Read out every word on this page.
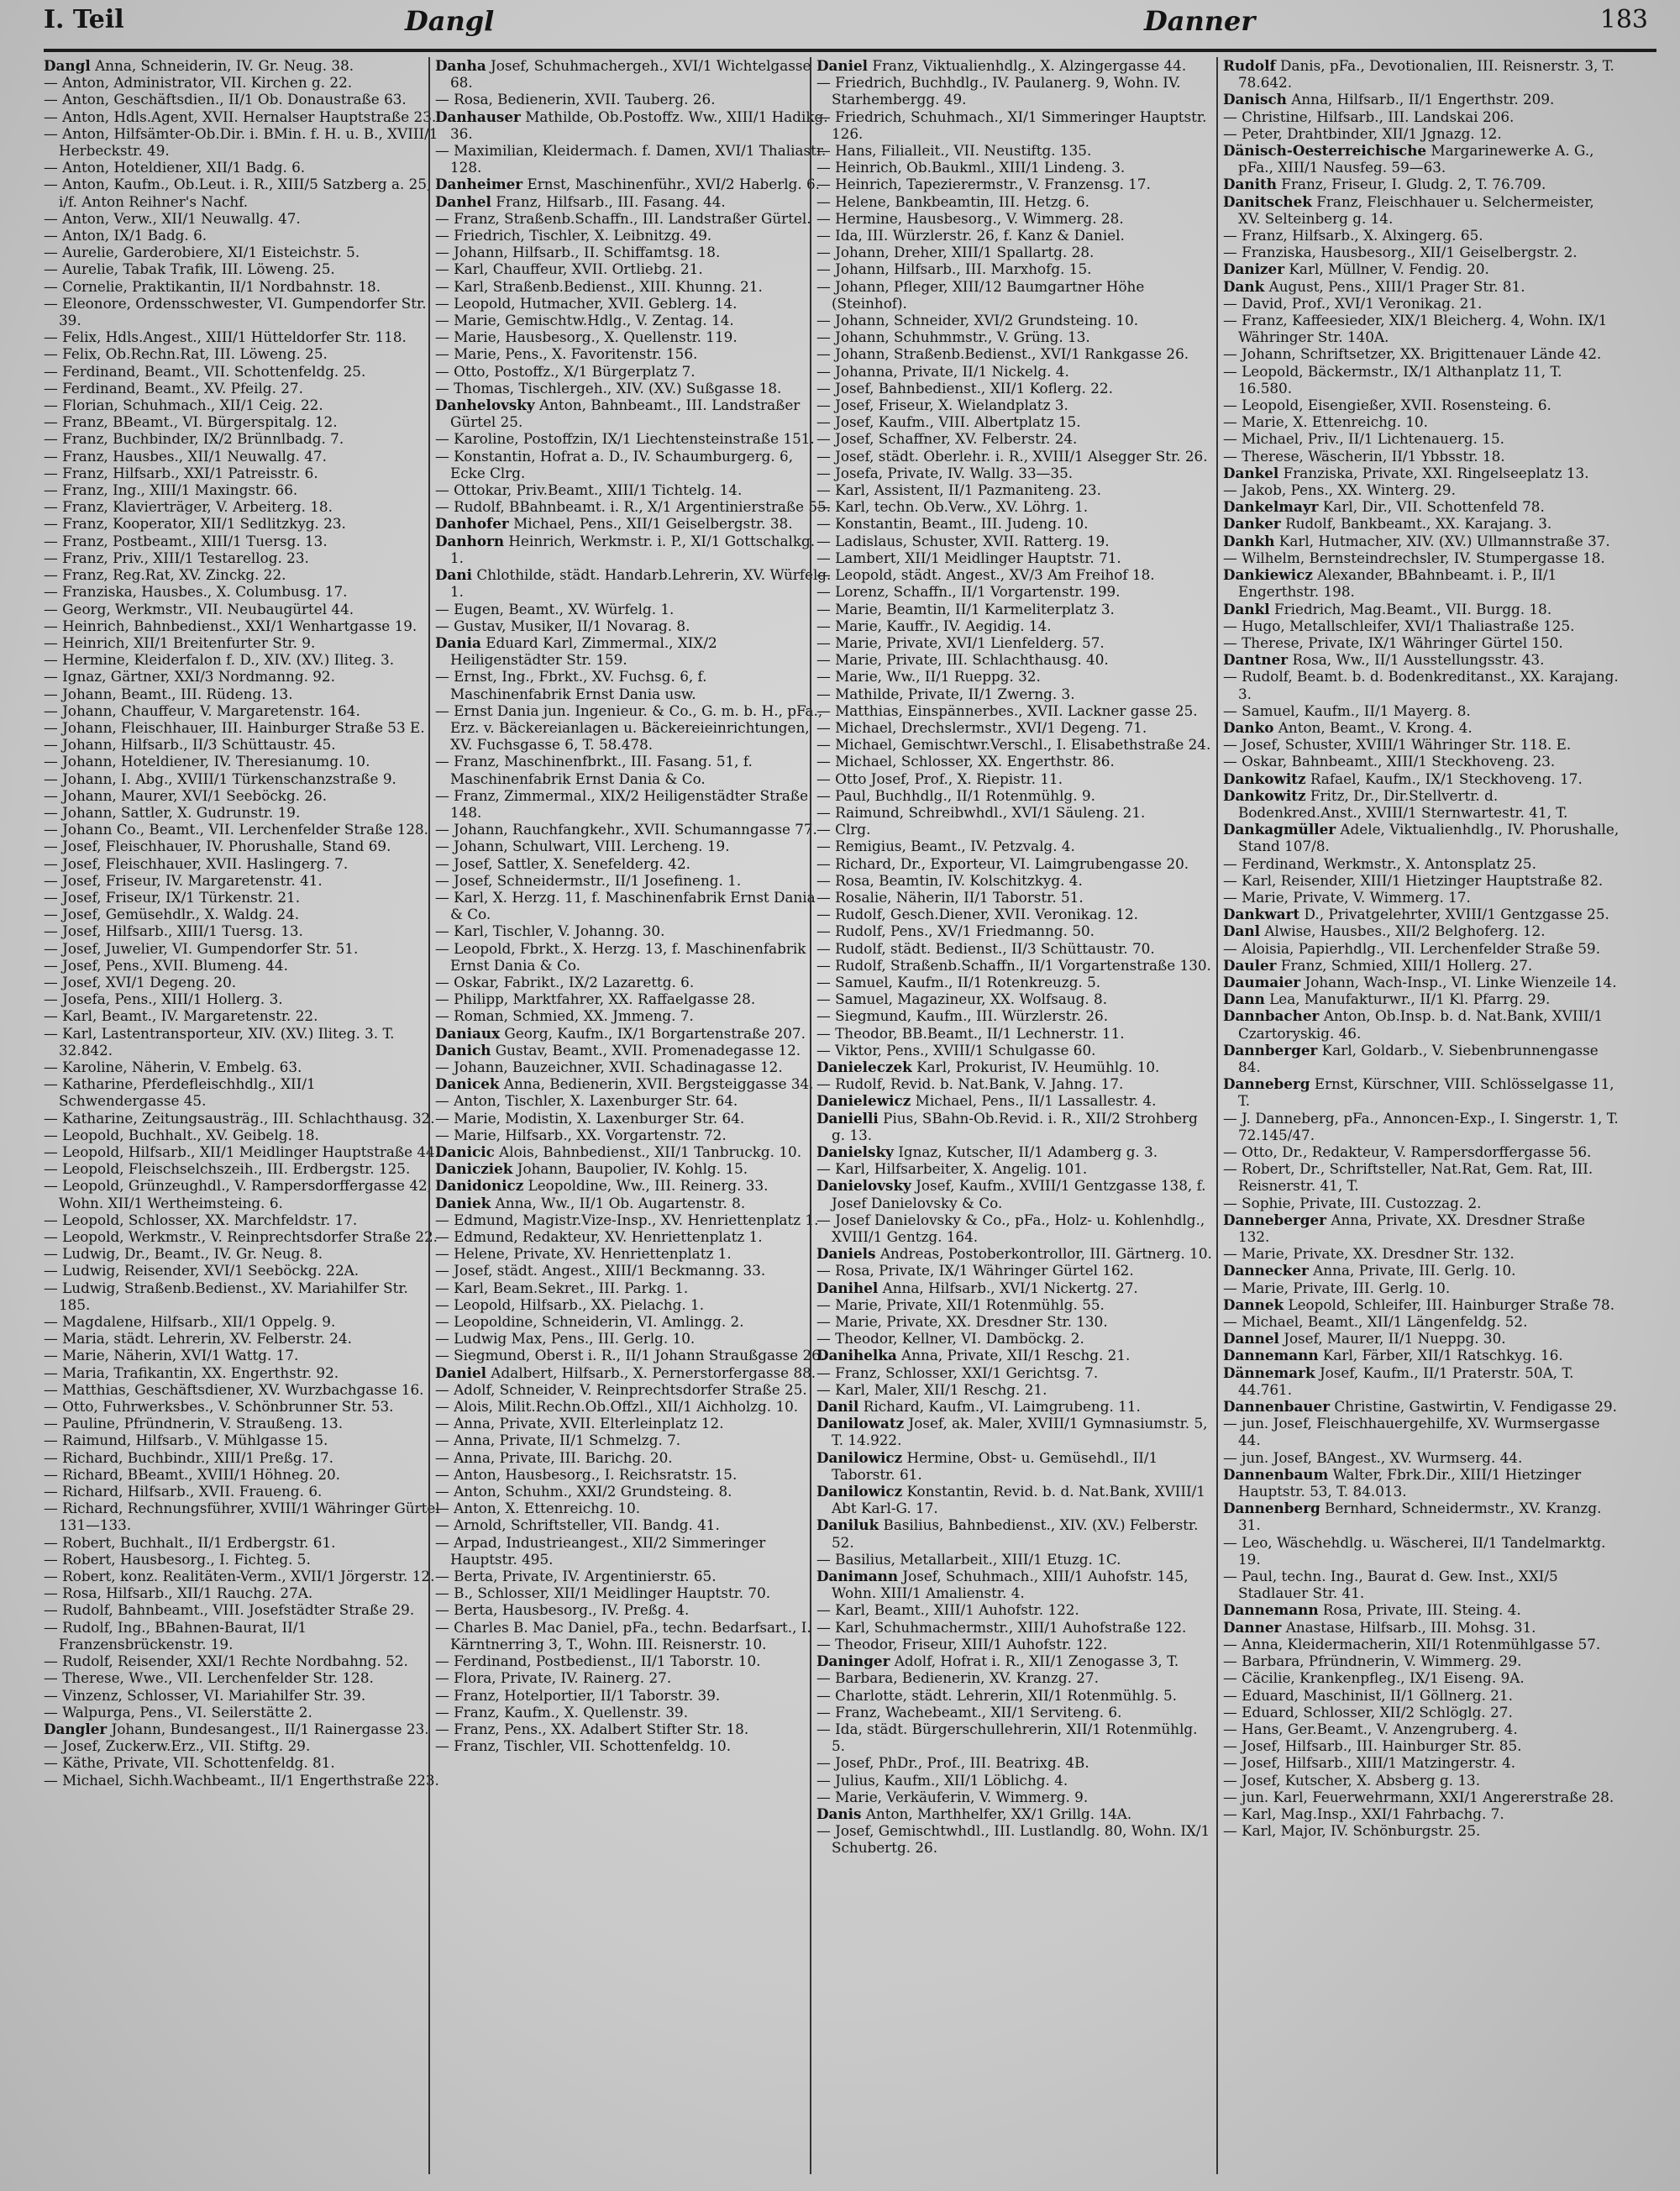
I. Teil	Dangl	Danner	183

Dangl Anna, Schneiderin, IV. Gr. Neug. 38.

— Anton, Administrator, VII. Kirchen g. 22.

— Anton, Geschäftsdien., II/1 Ob. Donaustraße 63.

— Anton, Hdls.Agent, XVII. Hernalser Hauptstraße 23.

— Anton, Hilfsämter-Ob.Dir. i. BMin. f. H. u. B., XVIII/1 Herbeckstr. 49.

— Anton, Hoteldiener, XII/1 Badg. 6.

— Anton, Kaufm., Ob.Leut. i. R., XIII/5 Satzberg a. 25, i/f. Anton Reihner's Nachf.

— Anton, Verw., XII/1 Neuwallg. 47.

— Anton, IX/1 Badg. 6.

— Aurelie, Garderobiere, XI/1 Eisteichstr. 5.

— Aurelie, Tabak Trafik, III. Löweng. 25.

— Cornelie, Praktikantin, II/1 Nordbahnstr. 18.

— Eleonore, Ordensschwester, VI. Gumpendorfer Str. 39.

— Felix, Hdls.Angest., XIII/1 Hütteldorfer Str. 118.

— Felix, Ob.Rechn.Rat, III. Löweng. 25.

— Ferdinand, Beamt., VII. Schottenfeldg. 25.

— Ferdinand, Beamt., XV. Pfeilg. 27.

— Florian, Schuhmach., XII/1 Ceig. 22.

— Franz, BBeamt., VI. Bürgerspitalg. 12.

— Franz, Buchbinder, IX/2 Brünnlbadg. 7.

— Franz, Hausbes., XII/1 Neuwallg. 47.

— Franz, Hilfsarb., XXI/1 Patreisstr. 6.

— Franz, Ing., XIII/1 Maxingstr. 66.

— Franz, Klavierträger, V. Arbeiterg. 18.

— Franz, Kooperator, XII/1 Sedlitzkyg. 23.

— Franz, Postbeamt., XIII/1 Tuersg. 13.

— Franz, Priv., XIII/1 Testarellog. 23.

— Franz, Reg.Rat, XV. Zinckg. 22.

— Franziska, Hausbes., X. Columbusg. 17.

— Georg, Werkmstr., VII. Neubaugürtel 44.

— Heinrich, Bahnbedienst., XXI/1 Wenhartgasse 19.

— Heinrich, XII/1 Breitenfurter Str. 9.

— Hermine, Kleiderfalon f. D., XIV. (XV.) Iliteg. 3.

— Ignaz, Gärtner, XXI/3 Nordmanng. 92.

— Johann, Beamt., III. Rüdeng. 13.

— Johann, Chauffeur, V. Margaretenstr. 164.

— Johann, Fleischhauer, III. Hainburger Straße 53 E.

— Johann, Hilfsarb., II/3 Schüttaustr. 45.

— Johann, Hoteldiener, IV. Theresianumg. 10.

— Johann, I. Abg., XVIII/1 Türkenschanzstraße 9.

— Johann, Maurer, XVI/1 Seeböckg. 26.

— Johann, Sattler, X. Gudrunstr. 19.

— Johann Co., Beamt., VII. Lerchenfelder Straße 128.

— Josef, Fleischhauer, IV. Phorushalle, Stand 69.

— Josef, Fleischhauer, XVII. Haslingerg. 7.

— Josef, Friseur, IV. Margaretenstr. 41.

— Josef, Friseur, IX/1 Türkenstr. 21.

— Josef, Gemüsehdlr., X. Waldg. 24.

— Josef, Hilfsarb., XIII/1 Tuersg. 13.

— Josef, Juwelier, VI. Gumpendorfer Str. 51.

— Josef, Pens., XVII. Blumeng. 44.

— Josef, XVI/1 Degeng. 20.

— Josefa, Pens., XIII/1 Hollerg. 3.

— Karl, Beamt., IV. Margaretenstr. 22.

— Karl, Lastentransporteur, XIV. (XV.) Iliteg. 3. T. 32.842.

— Karoline, Näherin, V. Embelg. 63.

— Katharine, Pferdefleischhdlg., XII/1 Schwendergasse 45.

— Katharine, Zeitungsausträg., III. Schlachthausg. 32.

— Leopold, Buchhalt., XV. Geibelg. 18.

— Leopold, Hilfsarb., XII/1 Meidlinger Hauptstraße 44.

— Leopold, Fleischselchszeih., III. Erdbergstr. 125.

— Leopold, Grünzeughdl., V. Rampersdorffergasse 42, Wohn. XII/1 Wertheimsteing. 6.

— Leopold, Schlosser, XX. Marchfeldstr. 17.

— Leopold, Werkmstr., V. Reinprechtsdorfer Straße 22.

— Ludwig, Dr., Beamt., IV. Gr. Neug. 8.

— Ludwig, Reisender, XVI/1 Seeböckg. 22A.

— Ludwig, Straßenb.Bedienst., XV. Mariahilfer Str. 185.

— Magdalene, Hilfsarb., XII/1 Oppelg. 9.

— Maria, städt. Lehrerin, XV. Felberstr. 24.

— Marie, Näherin, XVI/1 Wattg. 17.

— Maria, Trafikantin, XX. Engerthstr. 92.

— Matthias, Geschäftsdiener, XV. Wurzbachgasse 16.

— Otto, Fuhrwerksbes., V. Schönbrunner Str. 53.

— Pauline, Pfründnerin, V. Straußeng. 13.

— Raimund, Hilfsarb., V. Mühlgasse 15.

— Richard, Buchbindr., XIII/1 Preßg. 17.

— Richard, BBeamt., XVIII/1 Höhneg. 20.

— Richard, Hilfsarb., XVII. Fraueng. 6.

— Richard, Rechnungsführer, XVIII/1 Währinger Gürtel 131—133.

— Robert, Buchhalt., II/1 Erdbergstr. 61.

— Robert, Hausbesorg., I. Fichteg. 5.

— Robert, konz. Realitäten-Verm., XVII/1 Jörgerstr. 12.

— Rosa, Hilfsarb., XII/1 Rauchg. 27A.

— Rudolf, Bahnbeamt., VIII. Josefstädter Straße 29.

— Rudolf, Ing., BBahnen-Baurat, II/1 Franzensbrückenstr. 19.

— Rudolf, Reisender, XXI/1 Rechte Nordbahng. 52.

— Therese, Wwe., VII. Lerchenfelder Str. 128.

— Vinzenz, Schlosser, VI. Mariahilfer Str. 39.

— Walpurga, Pens., VI. Seilerstätte 2.

Dangler Johann, Bundesangest., II/1 Rainergasse 23.

— Josef, Zuckerw.Erz., VII. Stiftg. 29.

— Käthe, Private, VII. Schottenfeldg. 81.

— Michael, Sichh.Wachbeamt., II/1 Engerthstraße 223.

Danha Josef, Schuhmachergeh., XVI/1 Wichtelgasse 68.

— Rosa, Bedienerin, XVII. Tauberg. 26.

Danhauser Mathilde, Ob.Postoffz. Ww., XIII/1 Hadikg. 36.

— Maximilian, Kleidermach. f. Damen, XVI/1 Thaliastr. 128.

Danheimer Ernst, Maschinenführ., XVI/2 Haberlg. 6.

Danhel Franz, Hilfsarb., III. Fasang. 44.

— Franz, Straßenb.Schaffn., III. Landstraßer Gürtel.

— Friedrich, Tischler, X. Leibnitzg. 49.

— Johann, Hilfsarb., II. Schiffamtsg. 18.

— Karl, Chauffeur, XVII. Ortliebg. 21.

— Karl, Straßenb.Bedienst., XIII. Khunng. 21.

— Leopold, Hutmacher, XVII. Geblerg. 14.

— Marie, Gemischtw.Hdlg., V. Zentag. 14.

— Marie, Hausbesorg., X. Quellenstr. 119.

— Marie, Pens., X. Favoritenstr. 156.

— Otto, Postoffz., X/1 Bürgerplatz 7.

— Thomas, Tischlergeh., XIV. (XV.) Sußgasse 18.

Danhelovsky Anton, Bahnbeamt., III. Landstraßer Gürtel 25.

— Karoline, Postoffzin, IX/1 Liechtensteinstraße 151.

— Konstantin, Hofrat a. D., IV. Schaumburgerg. 6, Ecke Clrg.

— Ottokar, Priv.Beamt., XIII/1 Tichtelg. 14.

— Rudolf, BBahnbeamt. i. R., X/1 Argentinierstraße 55.

Danhofer Michael, Pens., XII/1 Geiselbergstr. 38.

Danhorn Heinrich, Werkmstr. i. P., XI/1 Gottschalkg. 1.

Dani Chlothilde, städt. Handarb.Lehrerin, XV. Würfelg. 1.

— Eugen, Beamt., XV. Würfelg. 1.

— Gustav, Musiker, II/1 Novarag. 8.

Dania Eduard Karl, Zimmermal., XIX/2 Heiligenstädter Str. 159.

— Ernst, Ing., Fbrkt., XV. Fuchsg. 6, f. Maschinenfabrik Ernst Dania usw.

— Ernst Dania jun. Ingenieur. & Co., G. m. b. H., pFa., Erz. v. Bäckereianlagen u. Bäckereieinrichtungen, XV. Fuchsgasse 6, T. 58.478.

— Franz, Maschinenfbrkt., III. Fasang. 51, f. Maschinenfabrik Ernst Dania & Co.

— Franz, Zimmermal., XIX/2 Heiligenstädter Straße 148.

— Johann, Rauchfangkehr., XVII. Schumanngasse 77.

— Johann, Schulwart, VIII. Lercheng. 19.

— Josef, Sattler, X. Senefelderg. 42.

— Josef, Schneidermstr., II/1 Josefineng. 1.

— Karl, X. Herzg. 11, f. Maschinenfabrik Ernst Dania & Co.

— Karl, Tischler, V. Johanng. 30.

— Leopold, Fbrkt., X. Herzg. 13, f. Maschinenfabrik Ernst Dania & Co.

— Oskar, Fabrikt., IX/2 Lazarettg. 6.

— Philipp, Marktfahrer, XX. Raffaelgasse 28.

— Roman, Schmied, XX. Jmmeng. 7.

Daniaux Georg, Kaufm., IX/1 Borgartenstraße 207.

Danich Gustav, Beamt., XVII. Promenadegasse 12.

— Johann, Bauzeichner, XVII. Schadinagasse 12.

Danicek Anna, Bedienerin, XVII. Bergsteiggasse 34.

— Anton, Tischler, X. Laxenburger Str. 64.

— Marie, Modistin, X. Laxenburger Str. 64.

— Marie, Hilfsarb., XX. Vorgartenstr. 72.

Danicic Alois, Bahnbedienst., XII/1 Tanbruckg. 10.

Danicziek Johann, Baupolier, IV. Kohlg. 15.

Danidonicz Leopoldine, Ww., III. Reinerg. 33.

Daniek Anna, Ww., II/1 Ob. Augartenstr. 8.

— Edmund, Magistr.Vize-Insp., XV. Henriettenplatz 1.

— Edmund, Redakteur, XV. Henriettenplatz 1.

— Helene, Private, XV. Henriettenplatz 1.

— Josef, städt. Angest., XIII/1 Beckmanng. 33.

— Karl, Beam.Sekret., III. Parkg. 1.

— Leopold, Hilfsarb., XX. Pielachg. 1.

— Leopoldine, Schneiderin, VI. Amlingg. 2.

— Ludwig Max, Pens., III. Gerlg. 10.

— Siegmund, Oberst i. R., II/1 Johann Straußgasse 26.

Daniel Adalbert, Hilfsarb., X. Pernerstorfergasse 88.

— Adolf, Schneider, V. Reinprechtsdorfer Straße 25.

— Alois, Milit.Rechn.Ob.Offzl., XII/1 Aichholzg. 10.

— Anna, Private, XVII. Elterleinplatz 12.

— Anna, Private, II/1 Schmelzg. 7.

— Anna, Private, III. Barichg. 20.

— Anton, Hausbesorg., I. Reichsratstr. 15.

— Anton, Schuhm., XXI/2 Grundsteing. 8.

— Anton, X. Ettenreichg. 10.

— Arnold, Schriftsteller, VII. Bandg. 41.

— Arpad, Industrieangest., XII/2 Simmeringer Hauptstr. 495.

— Berta, Private, IV. Argentinierstr. 65.

— B., Schlosser, XII/1 Meidlinger Hauptstr. 70.

— Berta, Hausbesorg., IV. Preßg. 4.

— Charles B. Mac Daniel, pFa., techn. Bedarfsart., I. Kärntnerring 3, T., Wohn. III. Reisnerstr. 10.

— Ferdinand, Postbedienst., II/1 Taborstr. 10.

— Flora, Private, IV. Rainerg. 27.

— Franz, Hotelportier, II/1 Taborstr. 39.

— Franz, Kaufm., X. Quellenstr. 39.

— Franz, Pens., XX. Adalbert Stifter Str. 18.

— Franz, Tischler, VII. Schottenfeldg. 10.

Daniel Franz, Viktualienhdlg., X. Alzingergasse 44.

— Friedrich, Buchhdlg., IV. Paulanerg. 9, Wohn. IV. Starhembergg. 49.

— Friedrich, Schuhmach., XI/1 Simmeringer Hauptstr. 126.

— Hans, Filialleit., VII. Neustiftg. 135.

— Heinrich, Ob.Baukml., XIII/1 Lindeng. 3.

— Heinrich, Tapezierermstr., V. Franzensg. 17.

— Helene, Bankbeamtin, III. Hetzg. 6.

— Hermine, Hausbesorg., V. Wimmerg. 28.

— Ida, III. Würzlerstr. 26, f. Kanz & Daniel.

— Johann, Dreher, XIII/1 Spallartg. 28.

— Johann, Hilfsarb., III. Marxhofg. 15.

— Johann, Pfleger, XIII/12 Baumgartner Höhe (Steinhof).

— Johann, Schneider, XVI/2 Grundsteing. 10.

— Johann, Schuhmmstr., V. Grüng. 13.

— Johann, Straßenb.Bedienst., XVI/1 Rankgasse 26.

— Johanna, Private, II/1 Nickelg. 4.

— Josef, Bahnbedienst., XII/1 Koflerg. 22.

— Josef, Friseur, X. Wielandplatz 3.

— Josef, Kaufm., VIII. Albertplatz 15.

— Josef, Schaffner, XV. Felberstr. 24.

— Josef, städt. Oberlehr. i. R., XVIII/1 Alsegger Str. 26.

— Josefa, Private, IV. Wallg. 33—35.

— Karl, Assistent, II/1 Pazmaniteng. 23.

— Karl, techn. Ob.Verw., XV. Löhrg. 1.

— Konstantin, Beamt., III. Judeng. 10.

— Ladislaus, Schuster, XVII. Ratterg. 19.

— Lambert, XII/1 Meidlinger Hauptstr. 71.

— Leopold, städt. Angest., XV/3 Am Freihof 18.

— Lorenz, Schaffn., II/1 Vorgartenstr. 199.

— Marie, Beamtin, II/1 Karmeliterplatz 3.

— Marie, Kauffr., IV. Aegidig. 14.

— Marie, Private, XVI/1 Lienfelderg. 57.

— Marie, Private, III. Schlachthausg. 40.

— Marie, Ww., II/1 Rueppg. 32.

— Mathilde, Private, II/1 Zwerng. 3.

— Matthias, Einspännerbes., XVII. Lackner gasse 25.

— Michael, Drechslermstr., XVI/1 Degeng. 71.

— Michael, Gemischtwr.Verschl., I. Elisabethstraße 24.

— Michael, Schlosser, XX. Engerthstr. 86.

— Otto Josef, Prof., X. Riepistr. 11.

— Paul, Buchhdlg., II/1 Rotenmühlg. 9.

— Raimund, Schreibwhdl., XVI/1 Säuleng. 21.

— Clrg.

— Remigius, Beamt., IV. Petzvalg. 4.

— Richard, Dr., Exporteur, VI. Laimgrubengasse 20.

— Rosa, Beamtin, IV. Kolschitzkyg. 4.

— Rosalie, Näherin, II/1 Taborstr. 51.

— Rudolf, Gesch.Diener, XVII. Veronikag. 12.

— Rudolf, Pens., XV/1 Friedmanng. 50.

— Rudolf, städt. Bedienst., II/3 Schüttaustr. 70.

— Rudolf, Straßenb.Schaffn., II/1 Vorgartenstraße 130.

— Samuel, Kaufm., II/1 Rotenkreuzg. 5.

— Samuel, Magazineur, XX. Wolfsaug. 8.

— Siegmund, Kaufm., III. Würzlerstr. 26.

— Theodor, BB.Beamt., II/1 Lechnerstr. 11.

— Viktor, Pens., XVIII/1 Schulgasse 60.

Danieleczek Karl, Prokurist, IV. Heumühlg. 10.

— Rudolf, Revid. b. Nat.Bank, V. Jahng. 17.

Danielewicz Michael, Pens., II/1 Lassallestr. 4.

Danielli Pius, SBahn-Ob.Revid. i. R., XII/2 Strohberg g. 13.

Danielsky Ignaz, Kutscher, II/1 Adamberg g. 3.

— Karl, Hilfsarbeiter, X. Angelig. 101.

Danielovsky Josef, Kaufm., XVIII/1 Gentzgasse 138, f. Josef Danielovsky & Co.

— Josef Danielovsky & Co., pFa., Holz- u. Kohlenhdlg., XVIII/1 Gentzg. 164.

Daniels Andreas, Postoberkontrollor, III. Gärtnerg. 10.

— Rosa, Private, IX/1 Währinger Gürtel 162.

Danihel Anna, Hilfsarb., XVI/1 Nickertg. 27.

— Marie, Private, XII/1 Rotenmühlg. 55.

— Marie, Private, XX. Dresdner Str. 130.

— Theodor, Kellner, VI. Damböckg. 2.

Danihelka Anna, Private, XII/1 Reschg. 21.

— Franz, Schlosser, XXI/1 Gerichtsg. 7.

— Karl, Maler, XII/1 Reschg. 21.

Danil Richard, Kaufm., VI. Laimgrubeng. 11.

Danilowatz Josef, ak. Maler, XVIII/1 Gymnasiumstr. 5, T. 14.922.

Danilowicz Hermine, Obst- u. Gemüsehdl., II/1 Taborstr. 61.

Danilowicz Konstantin, Revid. b. d. Nat.Bank, XVIII/1 Abt Karl-G. 17.

Daniluk Basilius, Bahnbedienst., XIV. (XV.) Felberstr. 52.

— Basilius, Metallarbeit., XIII/1 Etuzg. 1C.

Danimann Josef, Schuhmach., XIII/1 Auhofstr. 145, Wohn. XIII/1 Amalienstr. 4.

— Karl, Beamt., XIII/1 Auhofstr. 122.

— Karl, Schuhmachermstr., XIII/1 Auhofstraße 122.

— Theodor, Friseur, XIII/1 Auhofstr. 122.

Daninger Adolf, Hofrat i. R., XII/1 Zenogasse 3, T.

— Barbara, Bedienerin, XV. Kranzg. 27.

— Charlotte, städt. Lehrerin, XII/1 Rotenmühlg. 5.

— Franz, Wachebeamt., XII/1 Serviteng. 6.

— Ida, städt. Bürgerschullehrerin, XII/1 Rotenmühlg. 5.

— Josef, PhDr., Prof., III. Beatrixg. 4B.

— Julius, Kaufm., XII/1 Löblichg. 4.

— Marie, Verkäuferin, V. Wimmerg. 9.

Danis Anton, Marthhelfer, XX/1 Grillg. 14A.

— Josef, Gemischtwhdl., III. Lustlandlg. 80, Wohn. IX/1 Schubertg. 26.

Rudolf Danis, pFa., Devotionalien, III. Reisnerstr. 3, T. 78.642.

Danisch Anna, Hilfsarb., II/1 Engerthstr. 209.

— Christine, Hilfsarb., III. Landskai 206.

— Peter, Drahtbinder, XII/1 Jgnazg. 12.

Dänisch-Oesterreichische Margarinewerke A. G., pFa., XIII/1 Nausfeg. 59—63.

Danith Franz, Friseur, I. Gludg. 2, T. 76.709.

Danitschek Franz, Fleischhauer u. Selchermeister, XV. Selteinberg g. 14.

— Franz, Hilfsarb., X. Alxingerg. 65.

— Franziska, Hausbesorg., XII/1 Geiselbergstr. 2.

Danizer Karl, Müllner, V. Fendig. 20.

Dank August, Pens., XIII/1 Prager Str. 81.

— David, Prof., XVI/1 Veronikag. 21.

— Franz, Kaffeesieder, XIX/1 Bleicherg. 4, Wohn. IX/1 Währinger Str. 140A.

— Johann, Schriftsetzer, XX. Brigittenauer Lände 42.

— Leopold, Bäckermstr., IX/1 Althanplatz 11, T. 16.580.

— Leopold, Eisengießer, XVII. Rosensteing. 6.

— Marie, X. Ettenreichg. 10.

— Michael, Priv., II/1 Lichtenauerg. 15.

— Therese, Wäscherin, II/1 Ybbsstr. 18.

Dankel Franziska, Private, XXI. Ringelseeplatz 13.

— Jakob, Pens., XX. Winterg. 29.

Dankelmayr Karl, Dir., VII. Schottenfeld 78.

Danker Rudolf, Bankbeamt., XX. Karajang. 3.

Dankh Karl, Hutmacher, XIV. (XV.) Ullmannstraße 37.

— Wilhelm, Bernsteindrechsler, IV. Stumpergasse 18.

Dankiewicz Alexander, BBahnbeamt. i. P., II/1 Engerthstr. 198.

Dankl Friedrich, Mag.Beamt., VII. Burgg. 18.

— Hugo, Metallschleifer, XVI/1 Thaliastraße 125.

— Therese, Private, IX/1 Währinger Gürtel 150.

Dantner Rosa, Ww., II/1 Ausstellungsstr. 43.

— Rudolf, Beamt. b. d. Bodenkreditanst., XX. Karajang. 3.

— Samuel, Kaufm., II/1 Mayerg. 8.

Danko Anton, Beamt., V. Krong. 4.

— Josef, Schuster, XVIII/1 Währinger Str. 118. E.

— Oskar, Bahnbeamt., XIII/1 Steckhoveng. 23.

Dankowitz Rafael, Kaufm., IX/1 Steckhoveng. 17.

Dankowitz Fritz, Dr., Dir.Stellvertr. d. Bodenkred.Anst., XVIII/1 Sternwartestr. 41, T.

Dankagmüller Adele, Viktualienhdlg., IV. Phorushalle, Stand 107/8.

— Ferdinand, Werkmstr., X. Antonsplatz 25.

— Karl, Reisender, XIII/1 Hietzinger Hauptstraße 82.

— Marie, Private, V. Wimmerg. 17.

Dankwart D., Privatgelehrter, XVIII/1 Gentzgasse 25.

Danl Alwise, Hausbes., XII/2 Belghoferg. 12.

— Aloisia, Papierhdlg., VII. Lerchenfelder Straße 59.

Dauler Franz, Schmied, XIII/1 Hollerg. 27.

Daumaier Johann, Wach-Insp., VI. Linke Wienzeile 14.

Dann Lea, Manufakturwr., II/1 Kl. Pfarrg. 29.

Dannbacher Anton, Ob.Insp. b. d. Nat.Bank, XVIII/1 Czartoryskig. 46.

Dannberger Karl, Goldarb., V. Siebenbrunnengasse 84.

Danneberg Ernst, Kürschner, VIII. Schlösselgasse 11, T.

— J. Danneberg, pFa., Annoncen-Exp., I. Singerstr. 1, T. 72.145/47.

— Otto, Dr., Redakteur, V. Rampersdorffergasse 56.

— Robert, Dr., Schriftsteller, Nat.Rat, Gem. Rat, III. Reisnerstr. 41, T.

— Sophie, Private, III. Custozzag. 2.

Danneberger Anna, Private, XX. Dresdner Straße 132.

— Marie, Private, XX. Dresdner Str. 132.

Dannecker Anna, Private, III. Gerlg. 10.

— Marie, Private, III. Gerlg. 10.

Dannek Leopold, Schleifer, III. Hainburger Straße 78.

— Michael, Beamt., XII/1 Längenfeldg. 52.

Dannel Josef, Maurer, II/1 Nueppg. 30.

Dannemann Karl, Färber, XII/1 Ratschkyg. 16.

Dännemark Josef, Kaufm., II/1 Praterstr. 50A, T. 44.761.

Dannenbauer Christine, Gastwirtin, V. Fendigasse 29.

— jun. Josef, Fleischhauergehilfe, XV. Wurmsergasse 44.

— jun. Josef, BAngest., XV. Wurmserg. 44.

Dannenbaum Walter, Fbrk.Dir., XIII/1 Hietzinger Hauptstr. 53, T. 84.013.

Dannenberg Bernhard, Schneidermstr., XV. Kranzg. 31.

— Leo, Wäschehdlg. u. Wäscherei, II/1 Tandelmarktg. 19.

— Paul, techn. Ing., Baurat d. Gew. Inst., XXI/5 Stadlauer Str. 41.

Dannemann Rosa, Private, III. Steing. 4.

Danner Anastase, Hilfsarb., III. Mohsg. 31.

— Anna, Kleidermacherin, XII/1 Rotenmühlgasse 57.

— Barbara, Pfründnerin, V. Wimmerg. 29.

— Cäcilie, Krankenpfleg., IX/1 Eiseng. 9A.

— Eduard, Maschinist, II/1 Göllnerg. 21.

— Eduard, Schlosser, XII/2 Schlöglg. 27.

— Hans, Ger.Beamt., V. Anzengruberg. 4.

— Josef, Hilfsarb., III. Hainburger Str. 85.

— Josef, Hilfsarb., XIII/1 Matzingerstr. 4.

— Josef, Kutscher, X. Absberg g. 13.

— jun. Karl, Feuerwehrmann, XXI/1 Angererstraße 28.

— Karl, Mag.Insp., XXI/1 Fahrbachg. 7.

— Karl, Major, IV. Schönburgstr. 25.
